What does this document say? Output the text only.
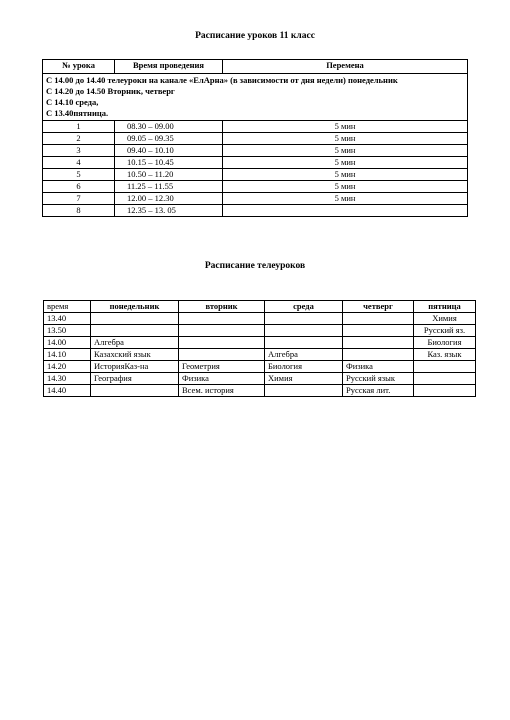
Расписание уроков 11 класс
№ урока	Время проведения	Перемена

С 14.00 до 14.40 телеуроки на канале «ЕлАрна» (в зависимости от дня недели) понедельник
С 14.20 до 14.50 Вторник, четверг
С 14.10 среда,
С 13.40пятница.		

1	08.30 – 09.00	5 мин
2	09.05 – 09.35	5 мин
3	09.40 – 10.10	5 мин
4	10.15 – 10.45	5 мин
5	10.50 – 11.20	5 мин
6	11.25 – 11.55	5 мин
7	12.00 – 12.30	5 мин
8	12.35 – 13. 05	
Расписание телеуроков
время	понедельник	вторник	среда	четверг	пятница
13.40					Химия
13.50					Русский яз.
14.00	Алгебра				Биология
14.10	Казахский язык		Алгебра		Каз. язык
14.20	ИсторияКаз-на	Геометрия	Биология	Физика	
14.30	География	Физика	Химия	Русский язык	
14.40		Всем. история		Русская лит.	
